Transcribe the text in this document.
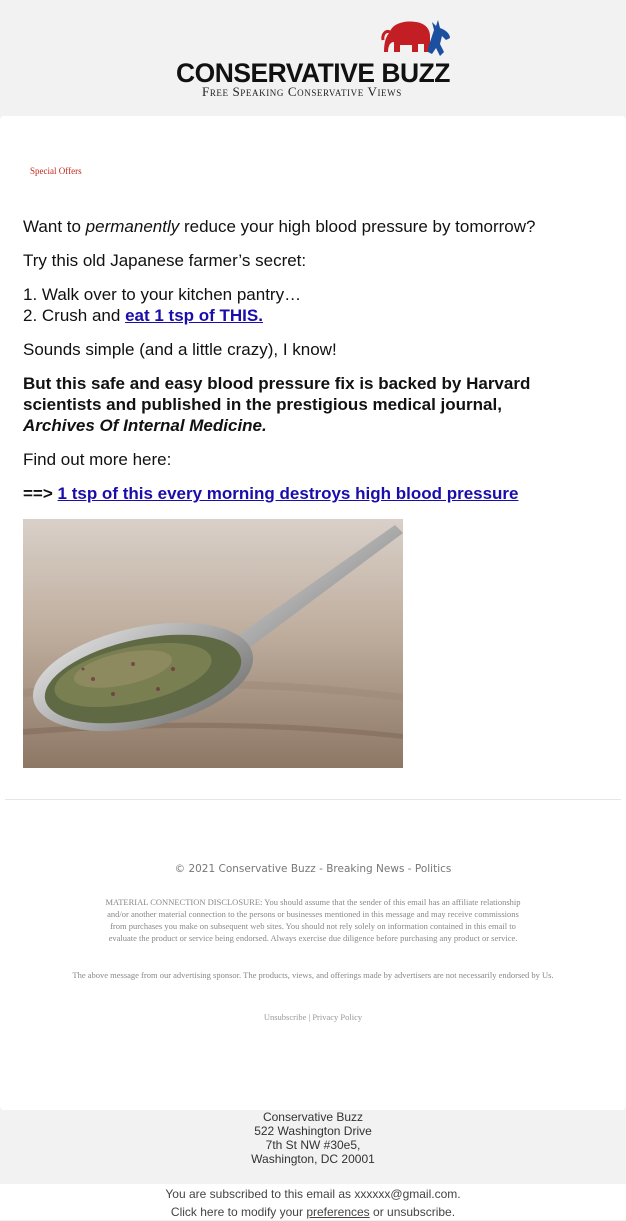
CONSERVATIVE BUZZ
Free Speaking Conservative Views
Special Offers

Want to permanently reduce your high blood pressure by tomorrow?

Try this old Japanese farmer’s secret:

1. Walk over to your kitchen pantry…
2. Crush and eat 1 tsp of THIS.

Sounds simple (and a little crazy), I know!

But this safe and easy blood pressure fix is backed by Harvard scientists and published in the prestigious medical journal,
Archives Of Internal Medicine.

Find out more here:

==> 1 tsp of this every morning destroys high blood pressure

© 2021 Conservative Buzz - Breaking News - Politics
MATERIAL CONNECTION DISCLOSURE: You should assume that the sender of this email has an affiliate relationship and/or another material connection to the persons or businesses mentioned in this message and may receive commissions from purchases you make on subsequent web sites. You should not rely solely on information contained in this email to evaluate the product or service being endorsed. Always exercise due diligence before purchasing any product or service.
The above message from our advertising sponsor. The products, views, and offerings made by advertisers are not necessarily endorsed by Us.
Unsubscribe | Privacy Policy
Conservative Buzz
522 Washington Drive
7th St NW #30e5,
Washington, DC 20001
You are subscribed to this email as xxxxxx@gmail.com.
Click here to modify your preferences or unsubscribe.
